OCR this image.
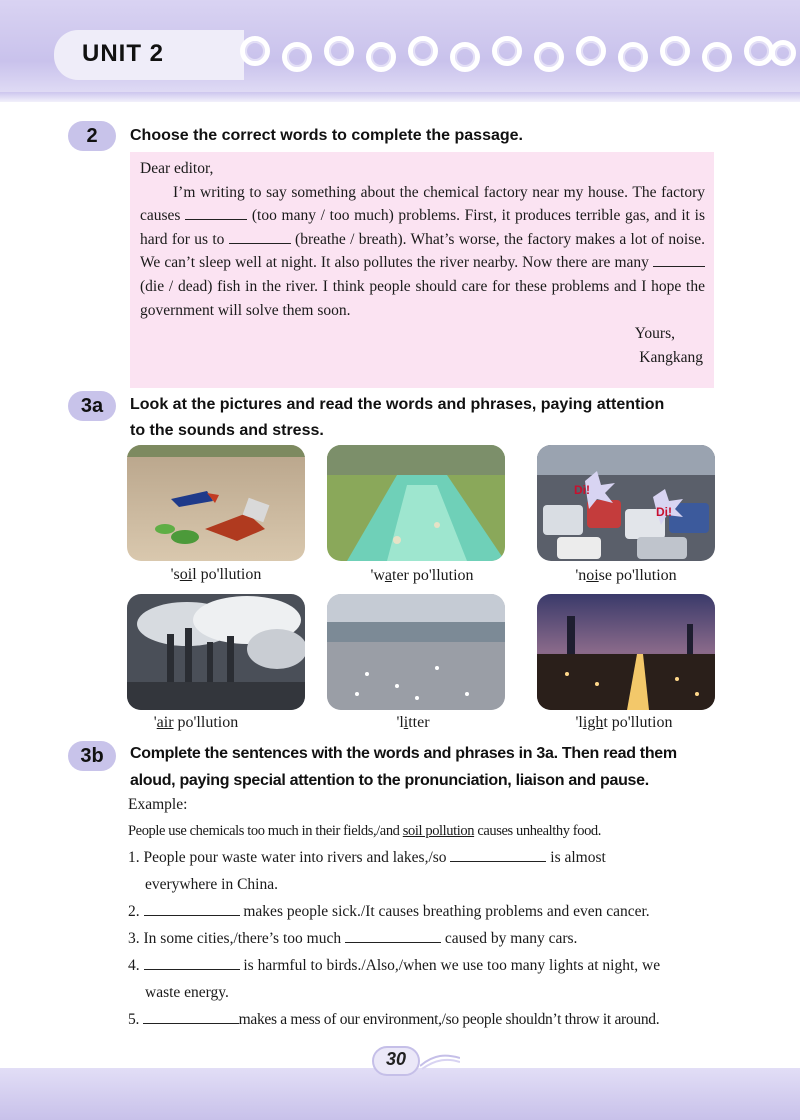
UNIT 2
2	Choose the correct words to complete the passage.

Dear editor,

I’m writing to say something about the chemical factory near my house. The factory causes	(too many / too much) problems. First, it produces terrible gas, and it is hard for us to	(breathe / breath). What’s worse, the factory makes a lot of noise. We can’t sleep well at night. It also pollutes the river nearby. Now there are many  (die / dead) fish in the river. I think people should care for these problems and I hope the government will solve them soon.

Yours,

Kangkang

3a	Look at the pictures and read the words and phrases, paying attention
to the sounds and stress.
Di!
Di!
'soil po'llution	'water po'llution	'noise po'llution
'air po'llution	'litter	'light po'llution
3b	Complete the sentences with the words and phrases in 3a. Then read them
aloud, paying special attention to the pronunciation, liaison and pause.
Example:
People use chemicals too much in their fields,/and soil pollution causes unhealthy food.
1. People pour waste water into rivers and lakes,/so	is almost
everywhere in China.
2.	makes people sick./It causes breathing problems and even cancer.
3. In some cities,/there’s too much	caused by many cars.
4.	is harmful to birds./Also,/when we use too many lights at night, we
waste energy.
5.	makes a mess of our environment,/so people shouldn’t throw it around.
30
